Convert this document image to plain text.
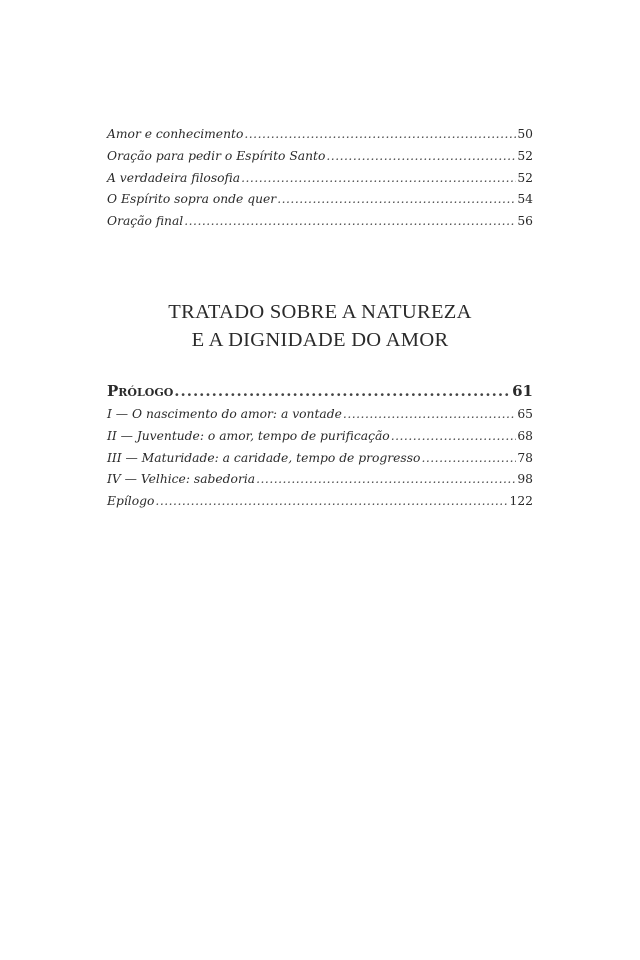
Amor e conhecimento .....	50
Oração para pedir o Espírito Santo .....	52
A verdadeira filosofia .....	52
O Espírito sopra onde quer .....	54
Oração final .....	56
TRATADO SOBRE A NATUREZA
E A DIGNIDADE DO AMOR
Prólogo .....	61
I — O nascimento do amor: a vontade .....	65
II — Juventude: o amor, tempo de purificação .....	68
III — Maturidade: a caridade, tempo de progresso .....	78
IV — Velhice: sabedoria .....	98
Epílogo .....	122
